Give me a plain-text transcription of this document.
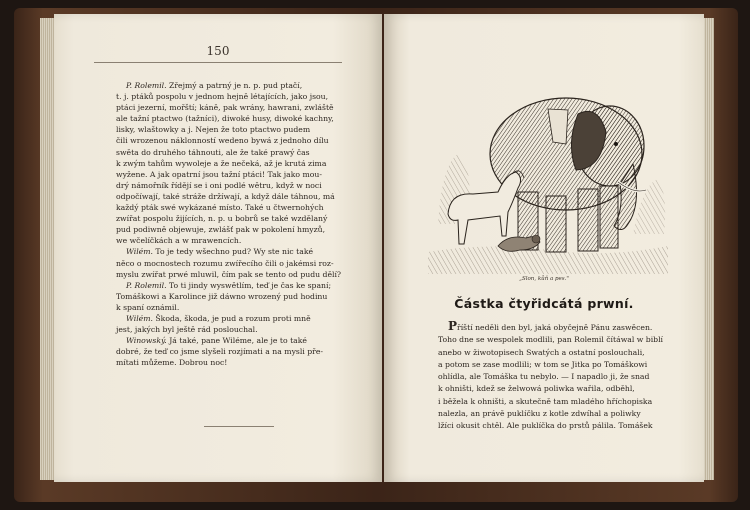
150
P. Rolemil. Zřejmý a patrný je n. p. pud ptačí,
t. j. ptáků pospolu v jednom hejně létajících, jako jsou,
ptáci jezerní, mořští; káně, pak wrány, hawrani, zwláště
ale tažní ptactwo (tažníci), diwoké husy, diwoké kachny,
lisky, wlaštowky a j. Nejen že toto ptactwo pudem
čili wrozenou náklonností wedeno bywá z jednoho dílu
swěta do druhého táhnouti, ale že také prawý čas
k zwým tahům wywoleje a že nečeká, až je krutá zima
wyžene. A jak opatrní jsou tažní ptáci! Tak jako mou-
drý námořník řídějí se i oni podlé wětru, když w noci
odpočíwají, také stráže držíwají, a když dále táhnou, má
každý pták swé wykázané místo. Také u čtwernohých
zwířat pospolu žijících, n. p. u bobrů se také wzdělaný
pud podiwně objewuje, zwlášť pak w pokolení hmyzů,
we wčelíčkách a w mrawencích.
Wilém. To je tedy wšechno pud? Wy ste nic také
něco o mocnostech rozumu zwířecího čili o jakémsi roz-
myslu zwířat prwé mluwil, čím pak se tento od pudu dělí?
P. Rolemil. To ti jindy wyswětlím, teď je čas ke spaní;
Tomáškowi a Karolince již dáwno wrozený pud hodinu
k spaní oznámil.
Wilém. Škoda, škoda, je pud a rozum proti mně
jest, jakých byl ještě rád poslouchal.
Winowský. Já také, pane Wiléme, ale je to také
dobré, že teď co jsme slyšeli rozjímati a na mysli pře-
mítati můžeme. Dobrou noc!
„Slon, kůň a pes."
Částka čtyřidcátá prwní.
Příští neděli den byl, jaká obyčejně Pánu zaswěcen.
Toho dne se wespolek modlili, pan Rolemil čítáwal w biblí
anebo w žiwotopisech Swatých a ostatní poslouchali,
a potom se zase modlili; w tom se Jitka po Tomáškowi
ohlídla, ale Tomáška tu nebylo. — I napadlo ji, že snad
k ohništi, kdež se želwowá poliwka wařila, odběhl,
i běžela k ohništi, a skutečně tam mladého hříchopiska
nalezla, an právě puklíčku z kotle zdwíhal a poliwky
lžíci okusit chtěl. Ale puklíčka do prstů pálila. Tomášek
